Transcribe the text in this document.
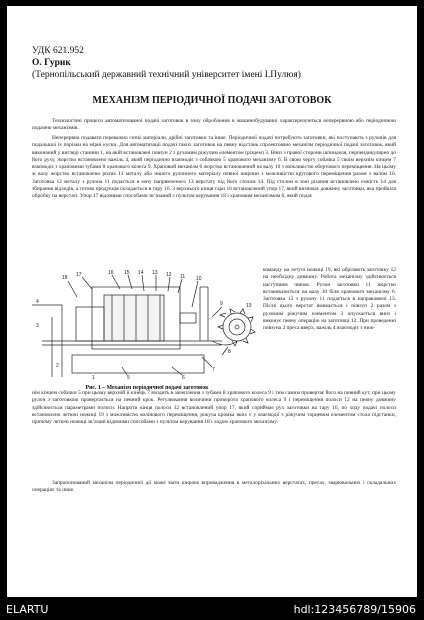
УДК 621.952
О. Гурик
(Тернопільський державний технічний університет імені І.Пулюя)
МЕХАНІЗМ ПЕРІОДИЧНОЇ ПОДАЧІ ЗАГОТОВОК

Технологічні процеси автоматизованої подачі заготовок в зону оброблення в машинобудуванні характеризуються неперервною або періодичною подачею механізмів.

Неперервно подавати переважно сипкі матеріали, дрібні заготовки та інше. Періодичної подачі потребують заготовки, які поступають з рулонів для подальшої їх порізки на мірні куски. Для автоматизації подачі таких заготовок на певну відстань спроектовано механізм періодичної подачі заготовок, який виконаний у вигляді станини 1, на якій встановлені повзун 2 з рухомим ріжучим елементом (різцем) 3. Вниз з правої сторони шпинделя, перпендикулярно до його руху, жорстко встановлено важіль 4, який періодично взаємодіє з собачкою 5 храпового механізму 6. В свою чергу собачка 5 своїм верхнім кінцем 7 взаємодіє з храповими зубами 8 храпового колеса 9. Храповий механізм 6 жорстко встановлений на валу 10 з можливістю обертового переміщення. На цьому ж валу жорстко встановлено ролик 11 металу або іншого рулонного матеріалу певної ширини з можливістю кругового переміщення разом з валом 10. Заготовка 12 металу з рулона 11 подається в зону напрямленого 13 верстату під його столом 14. Під столом в зоні різання встановлено ємність 14 для збирання відходів, а готова продукція складається в тару 16. З верхнього кінця тари 16 встановлений упор 17, який визначає довжину заготовки, яка пройшла обробку на верстаті. Упор 17 відомими способами зв’язаний з пультом керування 18 і храповим механізмом 6, який подає

команду на летучі ножиці 19, які обрізають заготовку 12 на необхідну довжину. Робота механізму здійснюється наступним чином. Рулон заготовки 11 жорстко встановлюється на валу 10 біля храпового механізму 6. Заготовка 12 з рулону 11 подається в направляючі 13. Після цього верстат вмикається і повзун 2 разом з рухомим ріжучим елементом 3 опускається вниз і виконує певну операцію на заготовці 12. При проведенні повзуна 2 преса вверх, важіль 4 взаємодіє з ниж-

18 17	16 15 14 13 12 11 10
9
8
7
6
5
4
3
2
1
19
Рис. 1 – Механізм періодичної подачі заготовок

нім кінцем собачки 5 при цьому верхній її кінець 7 входить в зачеплення з зубами 8 храпового колеса 9 і тим самим провертає його на певний кут, при цьому рулон з заготовкою провертається на певний крок. Регулювання величини проворота храпового колеса 9 і переміщення полоси 12 на певну довжину здійснюється параметрами полоси. Напроти кінця полоси 12 встановлений упор 17, який сприймає рух заготовки на тару 16, по ходу подачі полоси встановлено летючі ножиці 19 з можливістю колінового переміщення, ріжуча кромка яких є у взаємодії з ріжучим торцевим елементом стола підстанки, причому летючі ножиці зв’язані відомими способами з пультом керування 18 і ходом храпового механізму.

Запропонований механізм періодичної дії може мати широке впровадження в металорізальних верстатах, пресах, зварювальних і складальних операціях та інше.

ELARTU	hdl:123456789/15906
